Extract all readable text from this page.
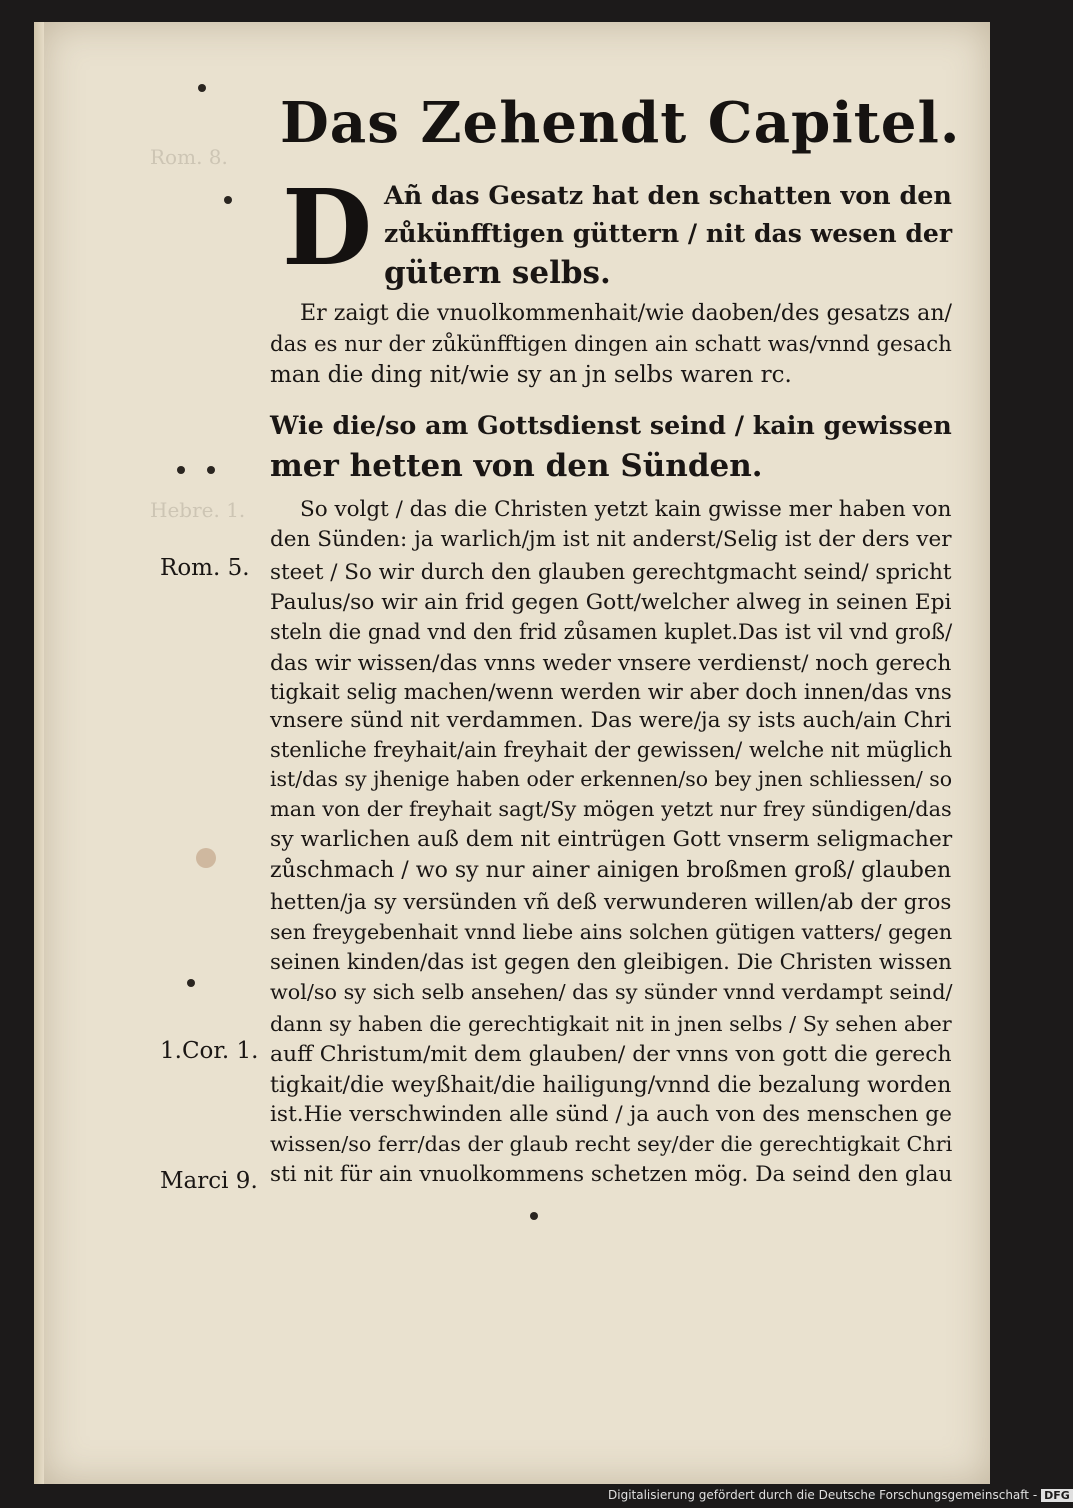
Rom. 8.
Hebre. 1.
Das Zehendt Capitel.
D Añ das Gesatz hat den schatten von den
zůkünfftigen güttern / nit das wesen der
gütern selbs.
Er zaigt die vnuolkommenhait/wie daoben/des gesatzs an/
das es nur der zůkünfftigen dingen ain schatt was/vnnd gesach
man die ding nit/wie sy an jn selbs waren rc.
Wie die/so am Gottsdienst seind / kain gewissen
mer hetten von den Sünden.
So volgt / das die Christen yetzt kain gwisse mer haben von
den Sünden: ja warlich/jm ist nit anderst/Selig ist der ders ver
steet / So wir durch den glauben gerechtgmacht seind/ spricht
Paulus/so wir ain frid gegen Gott/welcher alweg in seinen Epi
steln die gnad vnd den frid zůsamen kuplet.Das ist vil vnd groß/
das wir wissen/das vnns weder vnsere verdienst/ noch gerech
tigkait selig machen/wenn werden wir aber doch innen/das vns
vnsere sünd nit verdammen. Das were/ja sy ists auch/ain Chri
stenliche freyhait/ain freyhait der gewissen/ welche nit müglich
ist/das sy jhenige haben oder erkennen/so bey jnen schliessen/ so
man von der freyhait sagt/Sy mögen yetzt nur frey sündigen/das
sy warlichen auß dem nit eintrügen Gott vnserm seligmacher
zůschmach / wo sy nur ainer ainigen broßmen groß/ glauben
hetten/ja sy versünden vñ deß verwunderen willen/ab der gros
sen freygebenhait vnnd liebe ains solchen gütigen vatters/ gegen
seinen kinden/das ist gegen den gleibigen. Die Christen wissen
wol/so sy sich selb ansehen/ das sy sünder vnnd verdampt seind/
dann sy haben die gerechtigkait nit in jnen selbs / Sy sehen aber
auff Christum/mit dem glauben/ der vnns von gott die gerech
tigkait/die weyßhait/die hailigung/vnnd die bezalung worden
ist.Hie verschwinden alle sünd / ja auch von des menschen ge
wissen/so ferr/das der glaub recht sey/der die gerechtigkait Chri
sti nit für ain vnuolkommens schetzen mög. Da seind den glau
Rom. 5.
1.Cor. 1.
Marci 9.
Digitalisierung gefördert durch die Deutsche Forschungsgemeinschaft - DFG
